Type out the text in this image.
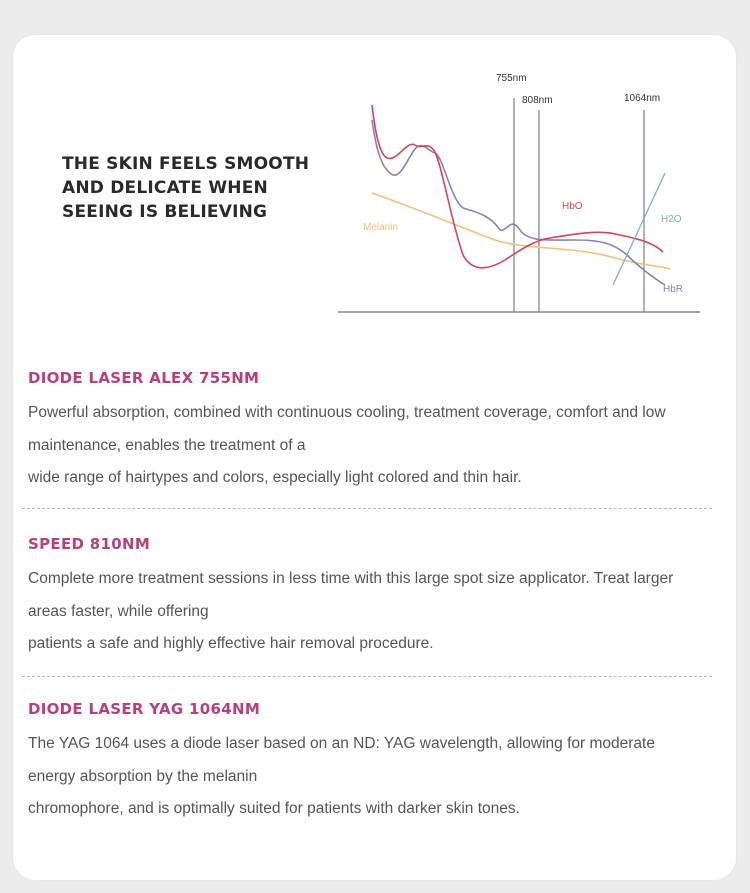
THE SKIN FEELS SMOOTH
AND DELICATE WHEN
SEEING IS BELIEVING
755nm
808nm	1064nm
HbO
HbR
Melanin
H2O
DIODE LASER ALEX 755NM
Powerful absorption, combined with continuous cooling, treatment coverage, comfort and low
maintenance, enables the treatment of a
wide range of hairtypes and colors, especially light colored and thin hair.
SPEED 810NM
Complete more treatment sessions in less time with this large spot size applicator. Treat larger
areas faster, while offering
patients a safe and highly effective hair removal procedure.
DIODE LASER YAG 1064NM
The YAG 1064 uses a diode laser based on an ND: YAG wavelength, allowing for moderate
energy absorption by the melanin
chromophore, and is optimally suited for patients with darker skin tones.
